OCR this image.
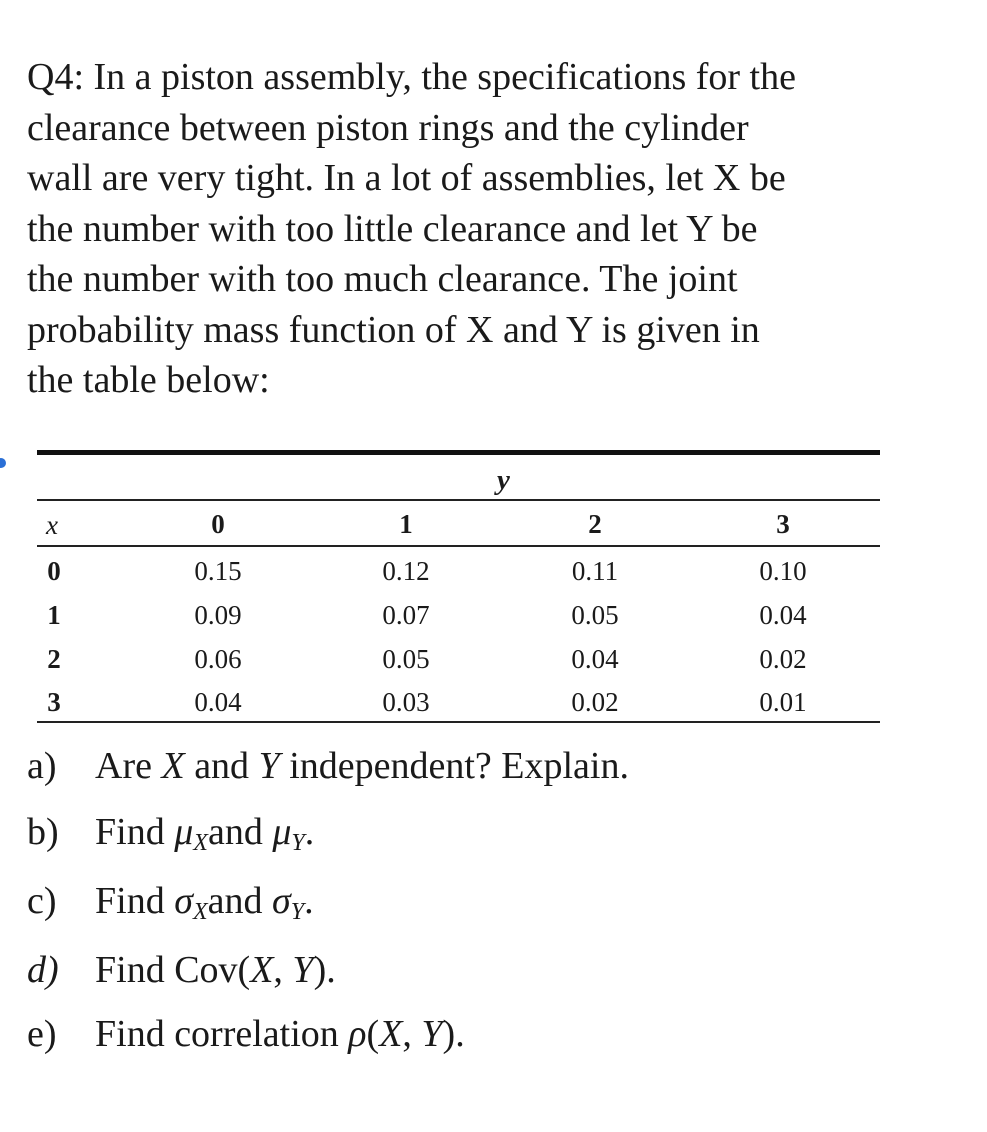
Q4: In a piston assembly, the specifications for the
clearance between piston rings and the cylinder
wall are very tight. In a lot of assemblies, let X be
the number with too little clearance and let Y be
the number with too much clearance. The joint
probability mass function of X and Y is given in
the table below:
y
x	0	1	2	3
0	0.15	0.12	0.11	0.10
1	0.09	0.07	0.05	0.04
2	0.06	0.05	0.04	0.02
3	0.04	0.03	0.02	0.01
a) Are X and Y independent? Explain.
b) Find $\mu_Xand$ $\mu_Y$.
c) Find $\sigma_Xand$ $\sigma_Y$.
d) Find Cov(X, Y).
e) Find correlation ρ(X, Y).
